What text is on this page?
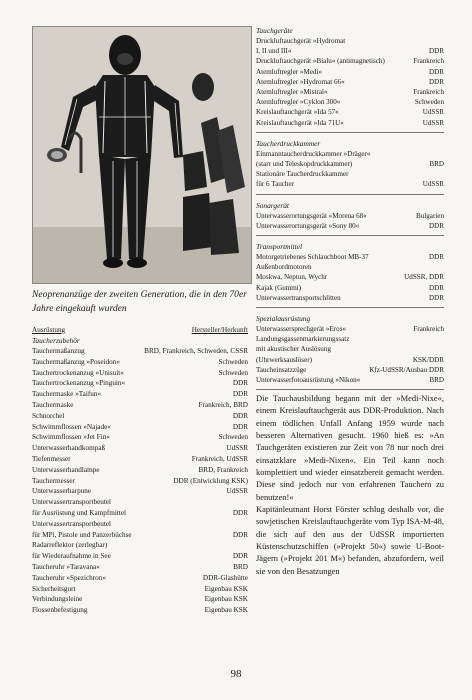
Neoprenanzüge der zweiten Generation, die in den 70er Jahre eingekauft wurden
Ausrüstung	Hersteller/Herkunft
Taucherzubehör
Tauchermaßanzug	BRD, Frankreich, Schweden, CSSR
Tauchermaßanzug »Poseidon«	Schweden
Tauchertrockenanzug »Unisuit«	Schweden
Tauchertrockenanzug »Pinguin«	DDR
Tauchermaske »Taifun«	DDR
Tauchermaske	Frankreich, BRD
Schnorchel	DDR
Schwimmflossen »Najade«	DDR
Schwimmflossen »Jet Fin«	Schweden
Unterwasserhandkompaß	UdSSR
Tiefenmesser	Frankreich, UdSSR
Unterwasserhandlampe	BRD, Frankreich
Tauchermesser	DDR (Entwicklung KSK)
Unterwasserharpune	UdSSR
Unterwassertransportbeutel
für Ausrüstung und Kampfmittel	DDR
Unterwassertransportbeutel
für MPi, Pistole und Panzerbüchse	DDR
Radarreflektor (zerlegbar)
für Wiederaufnahme in See	DDR
Taucheruhr »Taravana«	BRD
Taucheruhr »Spezichron«	DDR-Glashütte
Sicherheitsgurt	Eigenbau KSK
Verbindungsleine	Eigenbau KSK
Flossenbefestigung	Eigenbau KSK
Tauchgeräte
Druckluftauchgerät »Hydromat
I, II und III«	DDR
Druckluftauchgerät »Bialu« (antimagnetisch)	Frankreich
Atemluftregler »Medi«	DDR
Atemluftregler »Hydromat 66«	DDR
Atemluftregler »Mistral«	Frankreich
Atemluftregler »Cyklon 300«	Schweden
Kreislauftauchgerät »Ida 57«	UdSSR
Kreislauftauchgerät »Ida 71U«	UdSSR
Taucherdruckkammer
Einmanntaucherdruckkammer »Dräger«
(starr und Teleskopdruckkammer)	BRD
Stationäre Taucherdruckkammer
für 6 Taucher	UdSSR
Sonargerät
Unterwasserortungsgerät »Morena 68«	Bulgarien
Unterwasserortungsgerät »Sony 80«	DDR
Transportmittel
Motorgetriebenes Schlauchboot MB-37	DDR
Außenbordmotoren
Moskwa, Neptun, Wychr	UdSSR, DDR
Kajak (Gummi)	DDR
Unterwassertransportschlitten	DDR
Spezialausrüstung
Unterwassersprechgerät »Eros«	Frankreich
Landungsgassenmarkierungssatz
mit akustischer Auslösung
(Uhrwerksauslöser)	KSK/DDR
Taucheinsatzzüge	Kfz-UdSSR/Ausbau DDR
Unterwasserfotoausrüstung »Nikon«	BRD

Die Tauchausbildung begann mit der »Medi-Nixe«, einem Kreislauftauchgerät aus DDR-Produktion. Nach einem tödlichen Unfall Anfang 1959 wurde nach besseren Alternativen gesucht. 1960 hieß es: »An Tauchgeräten existieren zur Zeit von 78 nur noch drei einsatzklare »Medi-Nixen«. Ein Teil kann noch komplettiert und wieder einsatzbereit gemacht werden. Diese sind jedoch nur von erfahrenen Tauchern zu benutzen!«

Kapitänleutnant Horst Förster schlug deshalb vor, die sowjetischen Kreislauftauchgeräte vom Typ ISA-M-48, die sich auf den aus der UdSSR importierten Küstenschutzschiffen (»Projekt 50«) sowie U-Boot-Jägern (»Projekt 201 M«) befanden, abzufordern, weil sie von den Besatzungen

98
